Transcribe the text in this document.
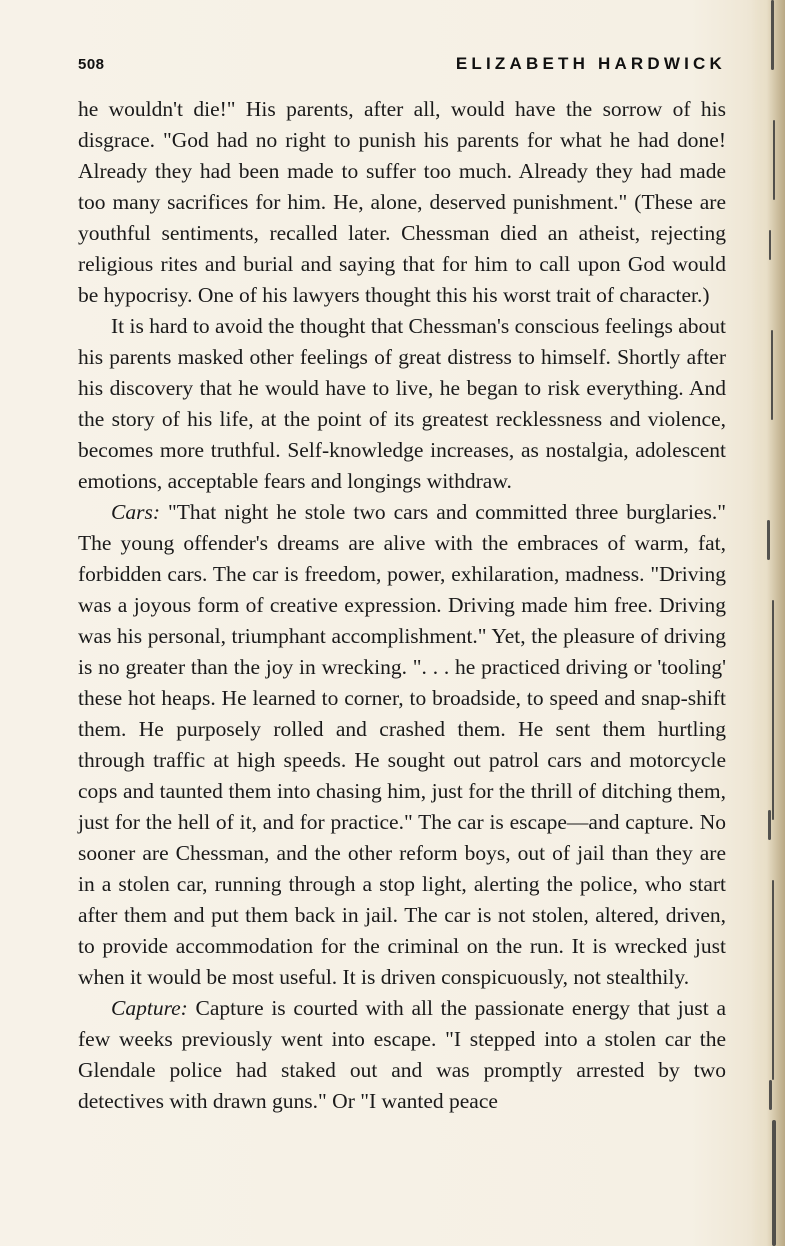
508	ELIZABETH HARDWICK

he wouldn't die!" His parents, after all, would have the sorrow of his disgrace. "God had no right to punish his parents for what he had done! Already they had been made to suffer too much. Already they had made too many sacrifices for him. He, alone, deserved punishment." (These are youthful sentiments, recalled later. Chessman died an atheist, rejecting religious rites and burial and saying that for him to call upon God would be hypocrisy. One of his lawyers thought this his worst trait of character.)

It is hard to avoid the thought that Chessman's conscious feelings about his parents masked other feelings of great distress to himself. Shortly after his discovery that he would have to live, he began to risk everything. And the story of his life, at the point of its greatest recklessness and violence, becomes more truthful. Self-knowledge increases, as nostalgia, adolescent emotions, acceptable fears and longings withdraw.

Cars: "That night he stole two cars and committed three burglaries." The young offender's dreams are alive with the embraces of warm, fat, forbidden cars. The car is freedom, power, exhilaration, madness. "Driving was a joyous form of creative expression. Driving made him free. Driving was his personal, triumphant accomplishment." Yet, the pleasure of driving is no greater than the joy in wrecking. ". . . he practiced driving or 'tooling' these hot heaps. He learned to corner, to broadside, to speed and snap-shift them. He purposely rolled and crashed them. He sent them hurtling through traffic at high speeds. He sought out patrol cars and motorcycle cops and taunted them into chasing him, just for the thrill of ditching them, just for the hell of it, and for practice." The car is escape—and capture. No sooner are Chessman, and the other reform boys, out of jail than they are in a stolen car, running through a stop light, alerting the police, who start after them and put them back in jail. The car is not stolen, altered, driven, to provide accommodation for the criminal on the run. It is wrecked just when it would be most useful. It is driven conspicuously, not stealthily.

Capture: Capture is courted with all the passionate energy that just a few weeks previously went into escape. "I stepped into a stolen car the Glendale police had staked out and was promptly arrested by two detectives with drawn guns." Or "I wanted peace
